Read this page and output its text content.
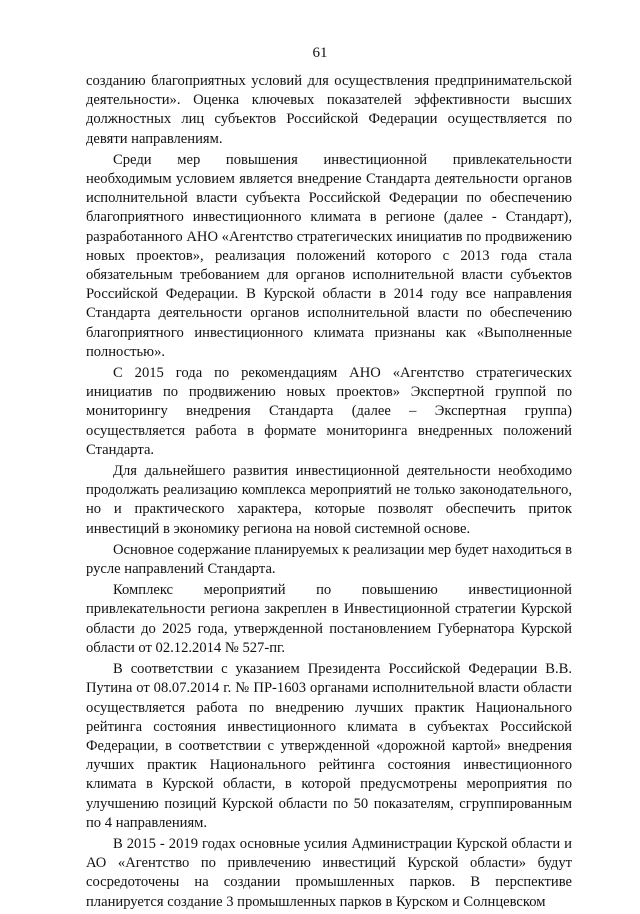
61

созданию благоприятных условий для осуществления предпринимательской деятельности». Оценка ключевых показателей эффективности высших должностных лиц субъектов Российской Федерации осуществляется по девяти направлениям.

Среди мер повышения инвестиционной привлекательности необходимым условием является внедрение Стандарта деятельности органов исполнительной власти субъекта Российской Федерации по обеспечению благоприятного инвестиционного климата в регионе (далее - Стандарт), разработанного АНО «Агентство стратегических инициатив по продвижению новых проектов», реализация положений которого с 2013 года стала обязательным требованием для органов исполнительной власти субъектов Российской Федерации. В Курской области в 2014 году все направления Стандарта деятельности органов исполнительной власти по обеспечению благоприятного инвестиционного климата признаны как «Выполненные полностью».

С 2015 года по рекомендациям АНО «Агентство стратегических инициатив по продвижению новых проектов» Экспертной группой по мониторингу внедрения Стандарта (далее – Экспертная группа) осуществляется работа в формате мониторинга внедренных положений Стандарта.

Для дальнейшего развития инвестиционной деятельности необходимо продолжать реализацию комплекса мероприятий не только законодательного, но и практического характера, которые позволят обеспечить приток инвестиций в экономику региона на новой системной основе.

Основное содержание планируемых к реализации мер будет находиться в русле направлений Стандарта.

Комплекс мероприятий по повышению инвестиционной привлекательности региона закреплен в Инвестиционной стратегии Курской области до 2025 года, утвержденной постановлением Губернатора Курской области от 02.12.2014 № 527-пг.

В соответствии с указанием Президента Российской Федерации В.В. Путина от 08.07.2014 г. № ПР-1603 органами исполнительной власти области осуществляется работа по внедрению лучших практик Национального рейтинга состояния инвестиционного климата в субъектах Российской Федерации, в соответствии с утвержденной «дорожной картой» внедрения лучших практик Национального рейтинга состояния инвестиционного климата в Курской области, в которой предусмотрены мероприятия по улучшению позиций Курской области по 50 показателям, сгруппированным по 4 направлениям.

В 2015 - 2019 годах основные усилия Администрации Курской области и АО «Агентство по привлечению инвестиций Курской области» будут сосредоточены на создании промышленных парков. В перспективе планируется создание 3 промышленных парков в Курском и Солнцевском
